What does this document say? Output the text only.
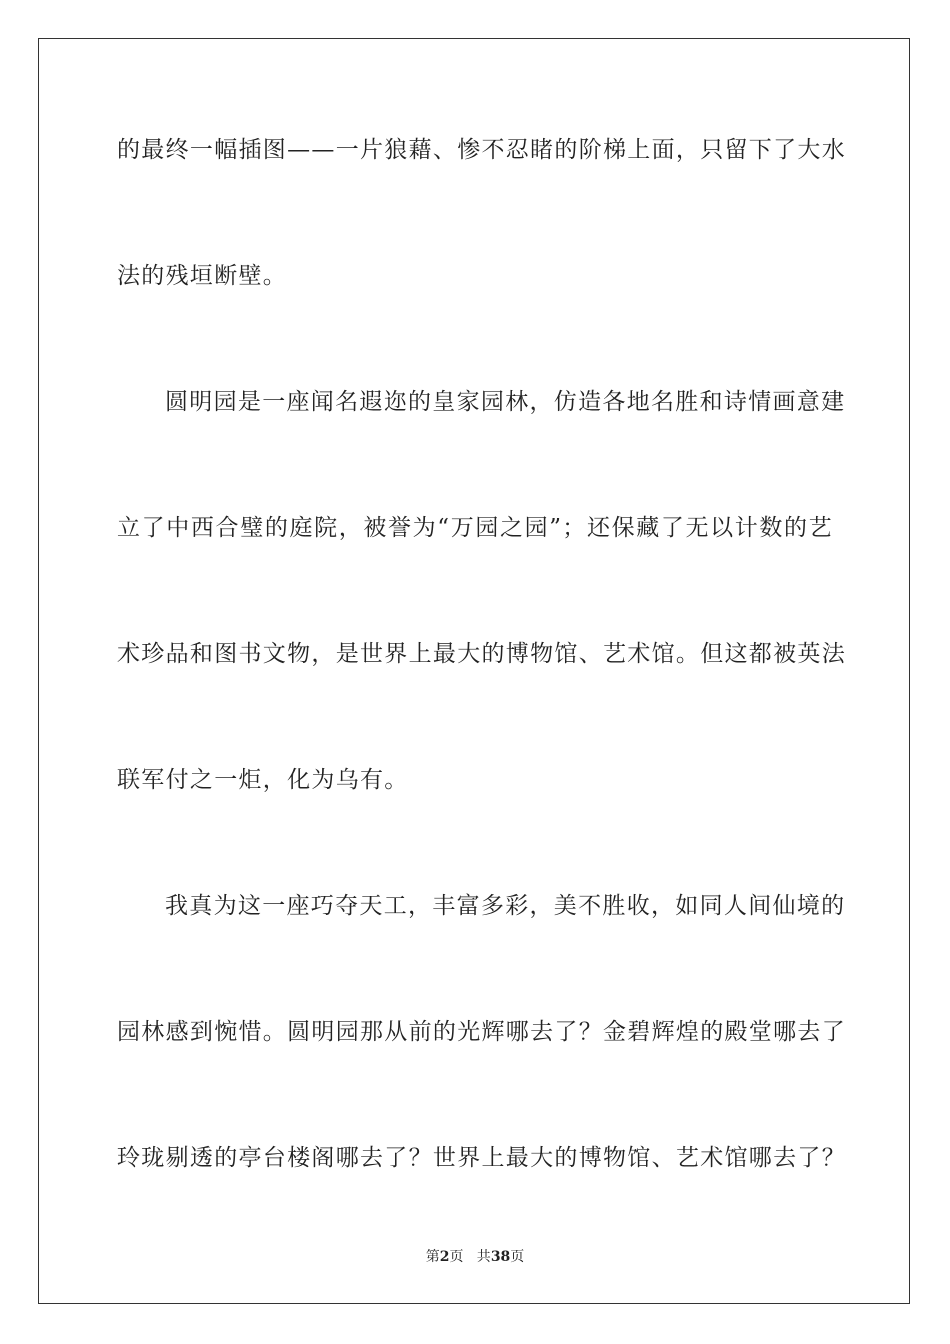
的最终一幅插图——一片狼藉、惨不忍睹的阶梯上面，只留下了大水
法的残垣断壁。
圆明园是一座闻名遐迩的皇家园林，仿造各地名胜和诗情画意建
立了中西合璧的庭院，被誉为“万园之园”；还保藏了无以计数的艺
术珍品和图书文物，是世界上最大的博物馆、艺术馆。但这都被英法
联军付之一炬，化为乌有。
我真为这一座巧夺天工，丰富多彩，美不胜收，如同人间仙境的
园林感到惋惜。圆明园那从前的光辉哪去了？金碧辉煌的殿堂哪去了
玲珑剔透的亭台楼阁哪去了？世界上最大的博物馆、艺术馆哪去了？
第2页   共38页
